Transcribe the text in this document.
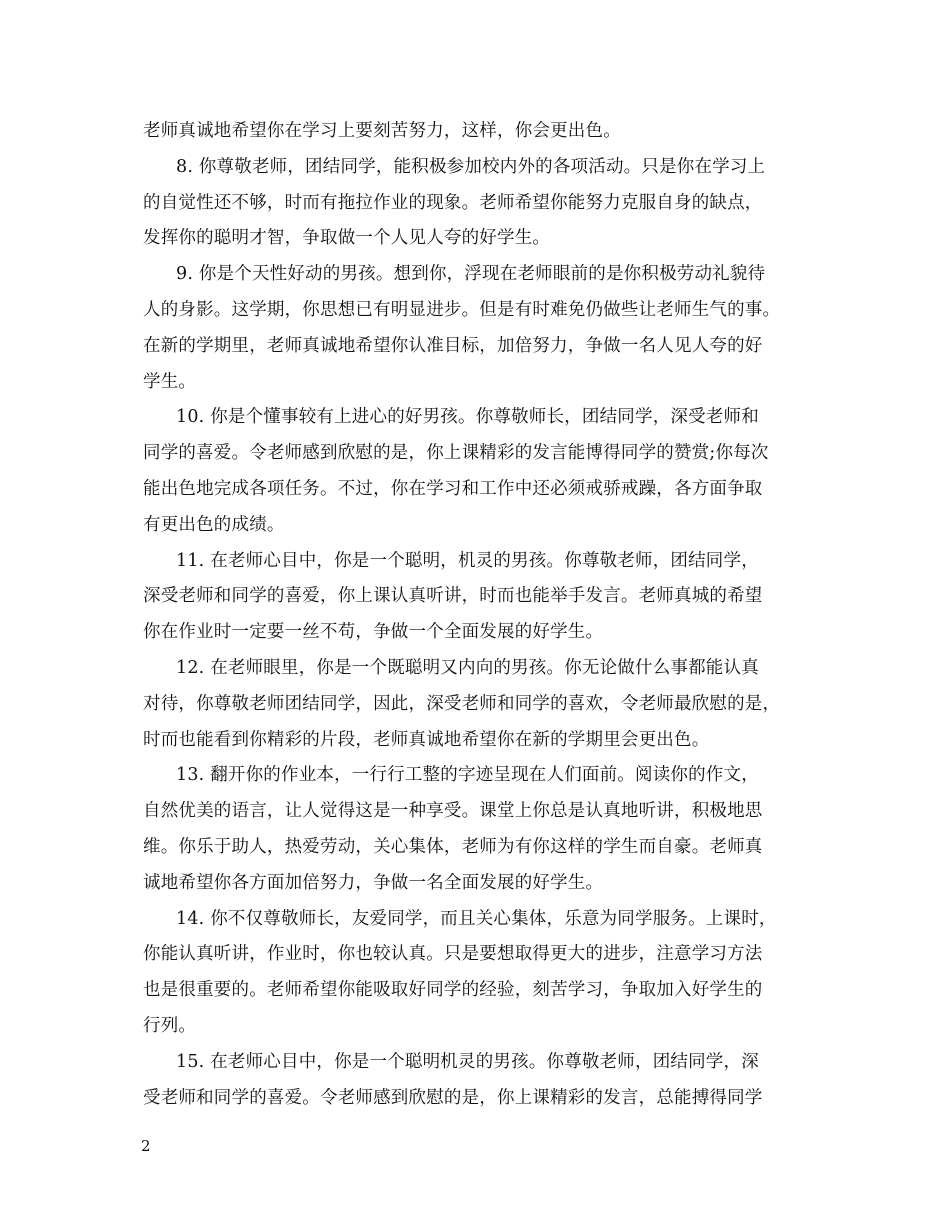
老师真诚地希望你在学习上要刻苦努力，这样，你会更出色。
8. 你尊敬老师，团结同学，能积极参加校内外的各项活动。只是你在学习上
的自觉性还不够，时而有拖拉作业的现象。老师希望你能努力克服自身的缺点，
发挥你的聪明才智，争取做一个人见人夸的好学生。
9. 你是个天性好动的男孩。想到你，浮现在老师眼前的是你积极劳动礼貌待
人的身影。这学期，你思想已有明显进步。但是有时难免仍做些让老师生气的事。
在新的学期里，老师真诚地希望你认准目标，加倍努力，争做一名人见人夸的好
学生。
10. 你是个懂事较有上进心的好男孩。你尊敬师长，团结同学，深受老师和
同学的喜爱。令老师感到欣慰的是，你上课精彩的发言能博得同学的赞赏;你每次
能出色地完成各项任务。不过，你在学习和工作中还必须戒骄戒躁，各方面争取
有更出色的成绩。
11. 在老师心目中，你是一个聪明，机灵的男孩。你尊敬老师，团结同学，
深受老师和同学的喜爱，你上课认真听讲，时而也能举手发言。老师真城的希望
你在作业时一定要一丝不苟，争做一个全面发展的好学生。
12. 在老师眼里，你是一个既聪明又内向的男孩。你无论做什么事都能认真
对待，你尊敬老师团结同学，因此，深受老师和同学的喜欢，令老师最欣慰的是，
时而也能看到你精彩的片段，老师真诚地希望你在新的学期里会更出色。
13. 翻开你的作业本，一行行工整的字迹呈现在人们面前。阅读你的作文，
自然优美的语言，让人觉得这是一种享受。课堂上你总是认真地听讲，积极地思
维。你乐于助人，热爱劳动，关心集体，老师为有你这样的学生而自豪。老师真
诚地希望你各方面加倍努力，争做一名全面发展的好学生。
14. 你不仅尊敬师长，友爱同学，而且关心集体，乐意为同学服务。上课时，
你能认真听讲，作业时，你也较认真。只是要想取得更大的进步，注意学习方法
也是很重要的。老师希望你能吸取好同学的经验，刻苦学习，争取加入好学生的
行列。
15. 在老师心目中，你是一个聪明机灵的男孩。你尊敬老师，团结同学，深
受老师和同学的喜爱。令老师感到欣慰的是，你上课精彩的发言，总能搏得同学
2
